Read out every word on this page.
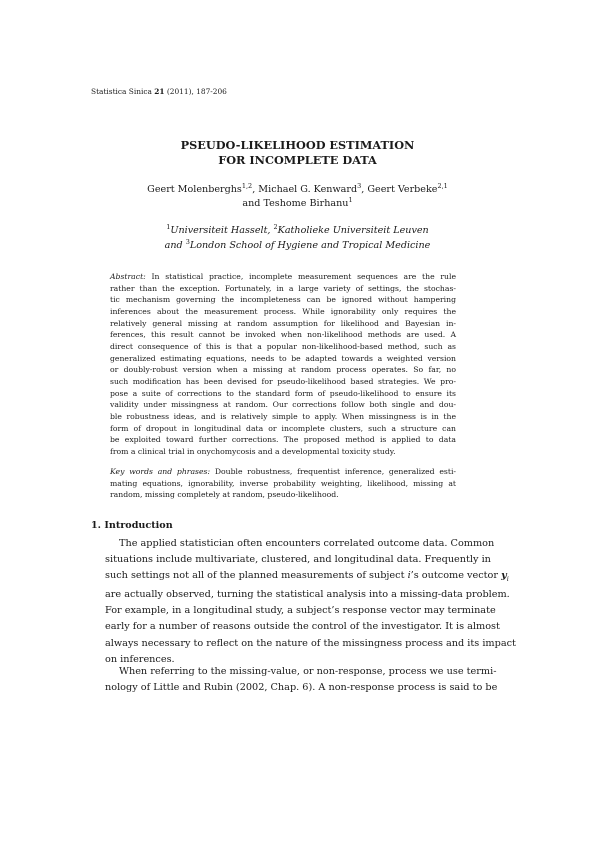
Statistica Sinica 21 (2011), 187-206
PSEUDO-LIKELIHOOD ESTIMATION
FOR INCOMPLETE DATA
Geert Molenberghs$^{1,2}$, Michael G. Kenward$^3$, Geert Verbeke$^{2,1}$
and Teshome Birhanu$^1$
$^1$Universiteit Hasselt, $^2$Katholieke Universiteit Leuven
and $^3$London School of Hygiene and Tropical Medicine
Abstract: In statistical practice, incomplete measurement sequences are the rule
rather than the exception. Fortunately, in a large variety of settings, the stochas-
tic mechanism governing the incompleteness can be ignored without hampering
inferences about the measurement process. While ignorability only requires the
relatively general missing at random assumption for likelihood and Bayesian in-
ferences, this result cannot be invoked when non-likelihood methods are used. A
direct consequence of this is that a popular non-likelihood-based method, such as
generalized estimating equations, needs to be adapted towards a weighted version
or doubly-robust version when a missing at random process operates. So far, no
such modification has been devised for pseudo-likelihood based strategies. We pro-
pose a suite of corrections to the standard form of pseudo-likelihood to ensure its
validity under missingness at random. Our corrections follow both single and dou-
ble robustness ideas, and is relatively simple to apply. When missingness is in the
form of dropout in longitudinal data or incomplete clusters, such a structure can
be exploited toward further corrections. The proposed method is applied to data
from a clinical trial in onychomycosis and a developmental toxicity study.
Key words and phrases: Double robustness, frequentist inference, generalized esti-
mating equations, ignorability, inverse probability weighting, likelihood, missing at
random, missing completely at random, pseudo-likelihood.
1. Introduction
The applied statistician often encounters correlated outcome data. Common
situations include multivariate, clustered, and longitudinal data. Frequently in
such settings not all of the planned measurements of subject i’s outcome vector $y_i$
are actually observed, turning the statistical analysis into a missing-data problem.
For example, in a longitudinal study, a subject’s response vector may terminate
early for a number of reasons outside the control of the investigator. It is almost
always necessary to reflect on the nature of the missingness process and its impact
on inferences.
When referring to the missing-value, or non-response, process we use termi-
nology of Little and Rubin (2002, Chap. 6). A non-response process is said to be
